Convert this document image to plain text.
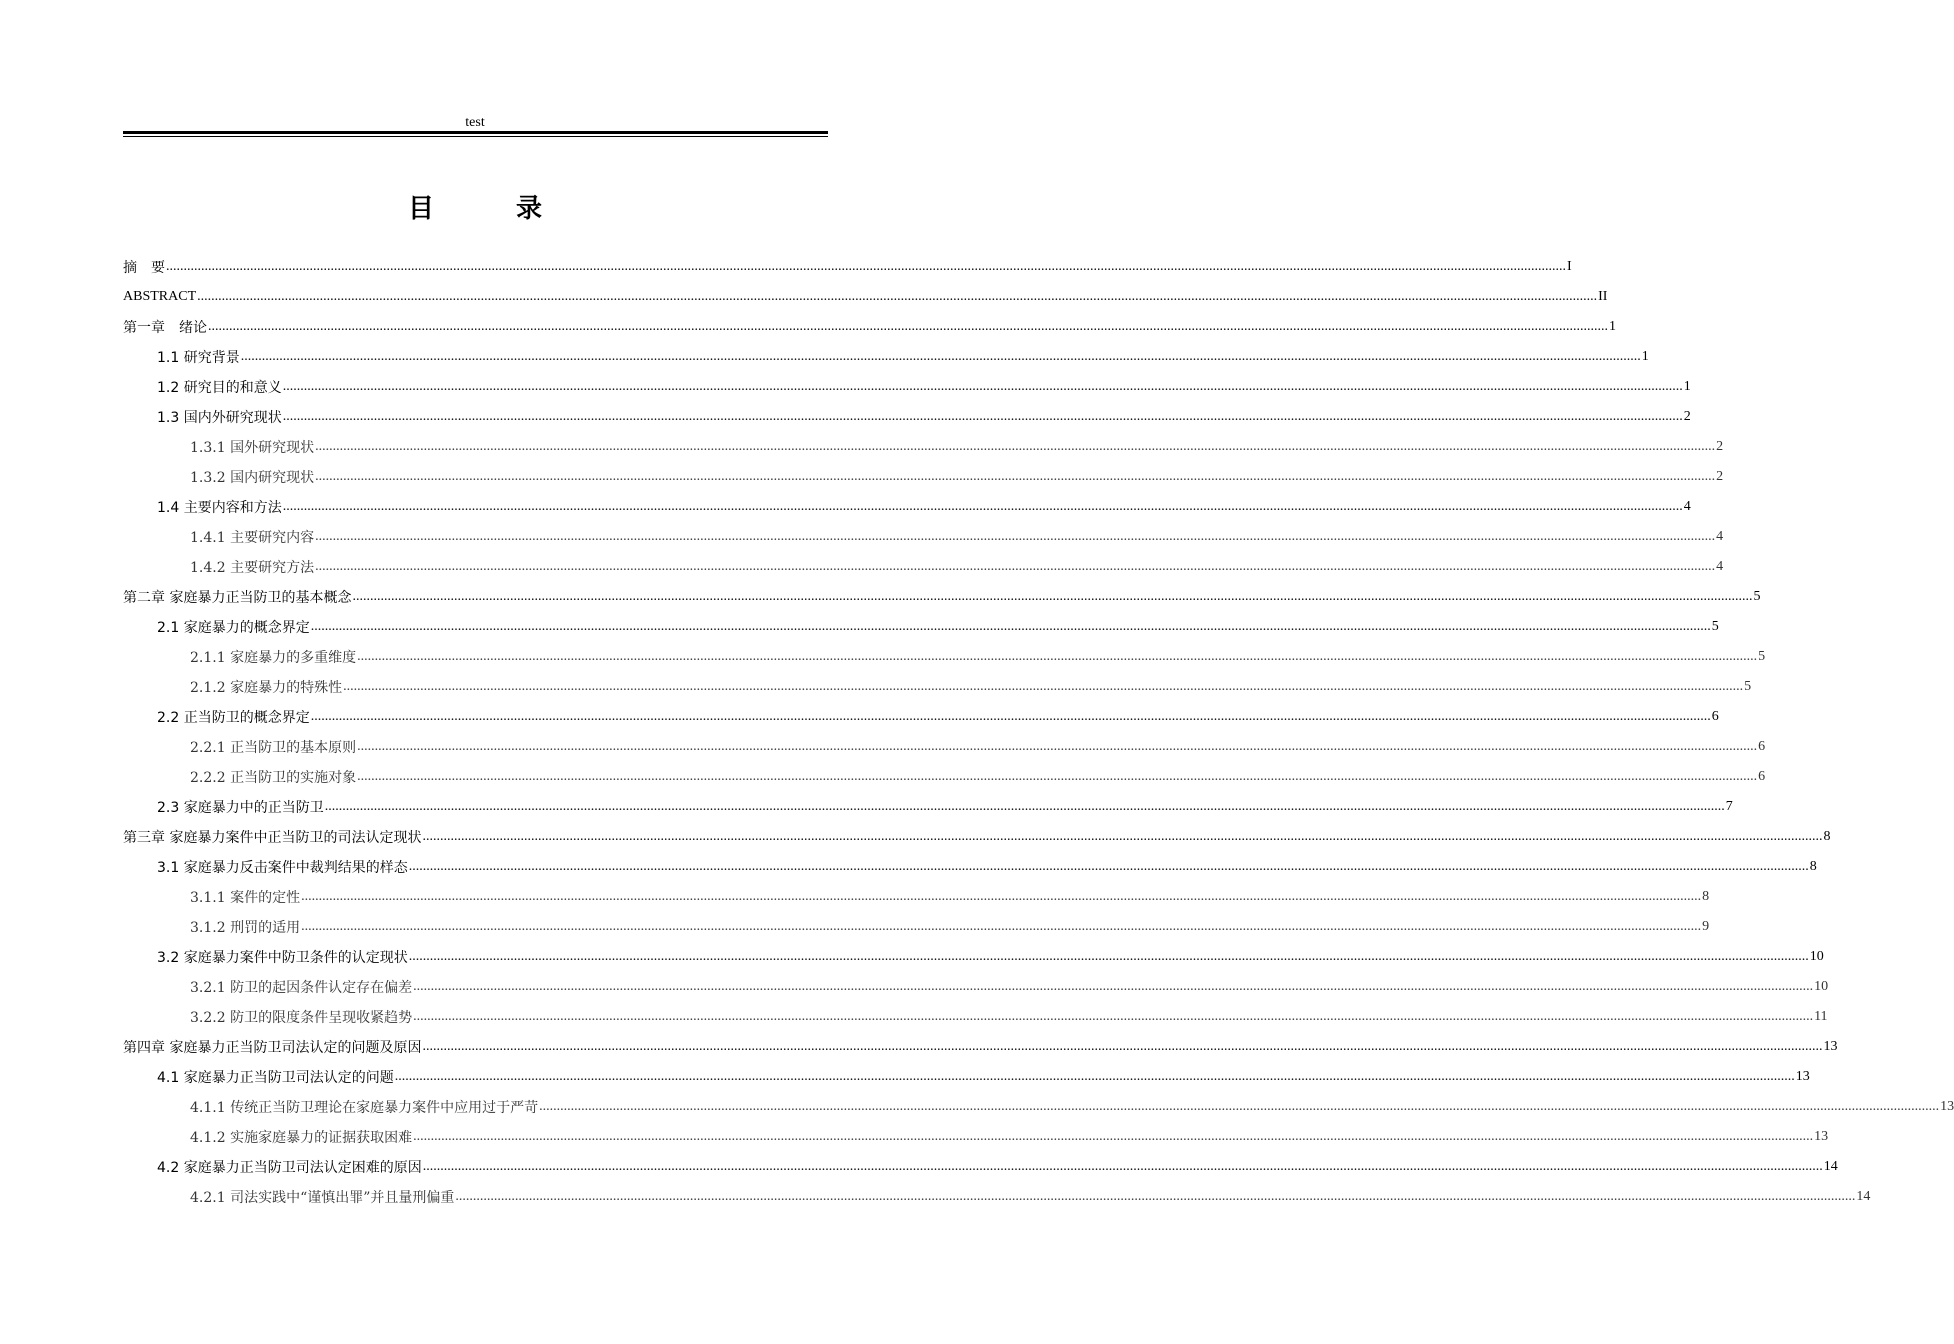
test
目　录
摘　要 ................................................................................................................................................................................................................................................................................................................................................................................................................ I
ABSTRACT ................................................................................................................................................................................................................................................................................................................................................................................................................ II
第一章　绪论 ................................................................................................................................................................................................................................................................................................................................................................................................................ 1
1.1 研究背景 ................................................................................................................................................................................................................................................................................................................................................................................................................ 1
1.2 研究目的和意义 ................................................................................................................................................................................................................................................................................................................................................................................................................ 1
1.3 国内外研究现状 ................................................................................................................................................................................................................................................................................................................................................................................................................ 2
1.3.1 国外研究现状 ................................................................................................................................................................................................................................................................................................................................................................................................................ 2
1.3.2 国内研究现状 ................................................................................................................................................................................................................................................................................................................................................................................................................ 2
1.4 主要内容和方法 ................................................................................................................................................................................................................................................................................................................................................................................................................ 4
1.4.1 主要研究内容 ................................................................................................................................................................................................................................................................................................................................................................................................................ 4
1.4.2 主要研究方法 ................................................................................................................................................................................................................................................................................................................................................................................................................ 4
第二章 家庭暴力正当防卫的基本概念 ................................................................................................................................................................................................................................................................................................................................................................................................................ 5
2.1 家庭暴力的概念界定 ................................................................................................................................................................................................................................................................................................................................................................................................................ 5
2.1.1 家庭暴力的多重维度 ................................................................................................................................................................................................................................................................................................................................................................................................................ 5
2.1.2 家庭暴力的特殊性 ................................................................................................................................................................................................................................................................................................................................................................................................................ 5
2.2 正当防卫的概念界定 ................................................................................................................................................................................................................................................................................................................................................................................................................ 6
2.2.1 正当防卫的基本原则 ................................................................................................................................................................................................................................................................................................................................................................................................................ 6
2.2.2 正当防卫的实施对象 ................................................................................................................................................................................................................................................................................................................................................................................................................ 6
2.3 家庭暴力中的正当防卫 ................................................................................................................................................................................................................................................................................................................................................................................................................ 7
第三章 家庭暴力案件中正当防卫的司法认定现状 ................................................................................................................................................................................................................................................................................................................................................................................................................ 8
3.1 家庭暴力反击案件中裁判结果的样态 ................................................................................................................................................................................................................................................................................................................................................................................................................ 8
3.1.1 案件的定性 ................................................................................................................................................................................................................................................................................................................................................................................................................ 8
3.1.2 刑罚的适用 ................................................................................................................................................................................................................................................................................................................................................................................................................ 9
3.2 家庭暴力案件中防卫条件的认定现状 ................................................................................................................................................................................................................................................................................................................................................................................................................ 10
3.2.1 防卫的起因条件认定存在偏差 ................................................................................................................................................................................................................................................................................................................................................................................................................ 10
3.2.2 防卫的限度条件呈现收紧趋势 ................................................................................................................................................................................................................................................................................................................................................................................................................ 11
第四章 家庭暴力正当防卫司法认定的问题及原因 ................................................................................................................................................................................................................................................................................................................................................................................................................ 13
4.1 家庭暴力正当防卫司法认定的问题 ................................................................................................................................................................................................................................................................................................................................................................................................................ 13
4.1.1 传统正当防卫理论在家庭暴力案件中应用过于严苛 ................................................................................................................................................................................................................................................................................................................................................................................................................ 13
4.1.2 实施家庭暴力的证据获取困难 ................................................................................................................................................................................................................................................................................................................................................................................................................ 13
4.2 家庭暴力正当防卫司法认定困难的原因 ................................................................................................................................................................................................................................................................................................................................................................................................................ 14
4.2.1 司法实践中“谨慎出罪”并且量刑偏重 ................................................................................................................................................................................................................................................................................................................................................................................................................ 14
